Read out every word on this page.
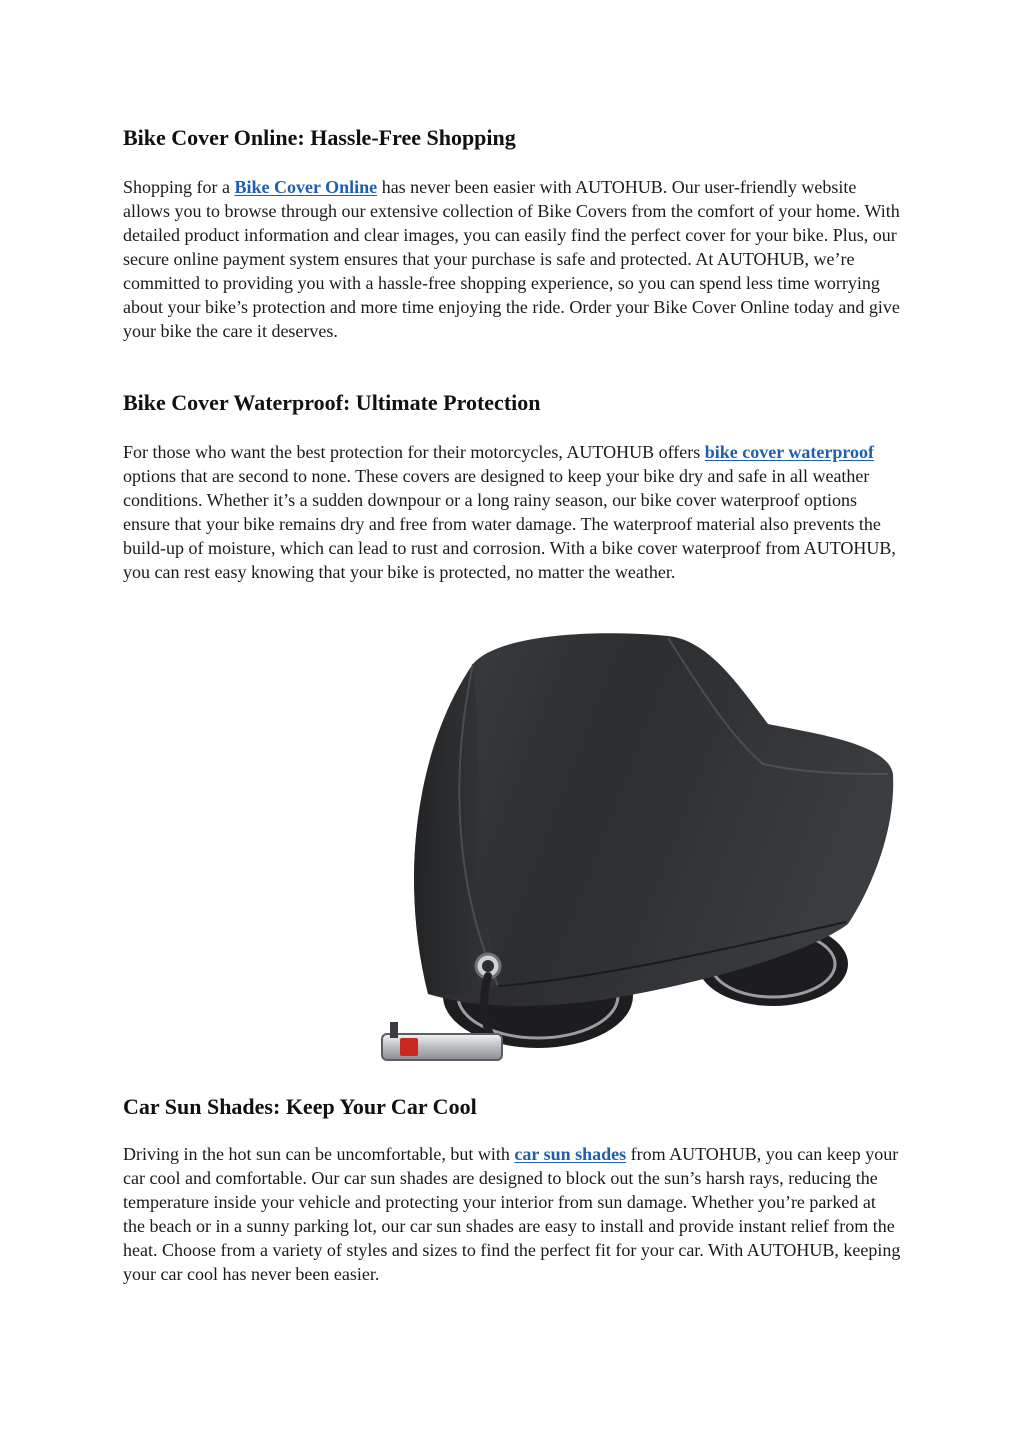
Bike Cover Online: Hassle-Free Shopping

Shopping for a Bike Cover Online has never been easier with AUTOHUB. Our user-friendly website allows you to browse through our extensive collection of Bike Covers from the comfort of your home. With detailed product information and clear images, you can easily find the perfect cover for your bike. Plus, our secure online payment system ensures that your purchase is safe and protected. At AUTOHUB, we’re committed to providing you with a hassle-free shopping experience, so you can spend less time worrying about your bike’s protection and more time enjoying the ride. Order your Bike Cover Online today and give your bike the care it deserves.

Bike Cover Waterproof: Ultimate Protection

For those who want the best protection for their motorcycles, AUTOHUB offers bike cover waterproof options that are second to none. These covers are designed to keep your bike dry and safe in all weather conditions. Whether it’s a sudden downpour or a long rainy season, our bike cover waterproof options ensure that your bike remains dry and free from water damage. The waterproof material also prevents the build-up of moisture, which can lead to rust and corrosion. With a bike cover waterproof from AUTOHUB, you can rest easy knowing that your bike is protected, no matter the weather.

Car Sun Shades: Keep Your Car Cool

Driving in the hot sun can be uncomfortable, but with car sun shades from AUTOHUB, you can keep your car cool and comfortable. Our car sun shades are designed to block out the sun’s harsh rays, reducing the temperature inside your vehicle and protecting your interior from sun damage. Whether you’re parked at the beach or in a sunny parking lot, our car sun shades are easy to install and provide instant relief from the heat. Choose from a variety of styles and sizes to find the perfect fit for your car. With AUTOHUB, keeping your car cool has never been easier.
